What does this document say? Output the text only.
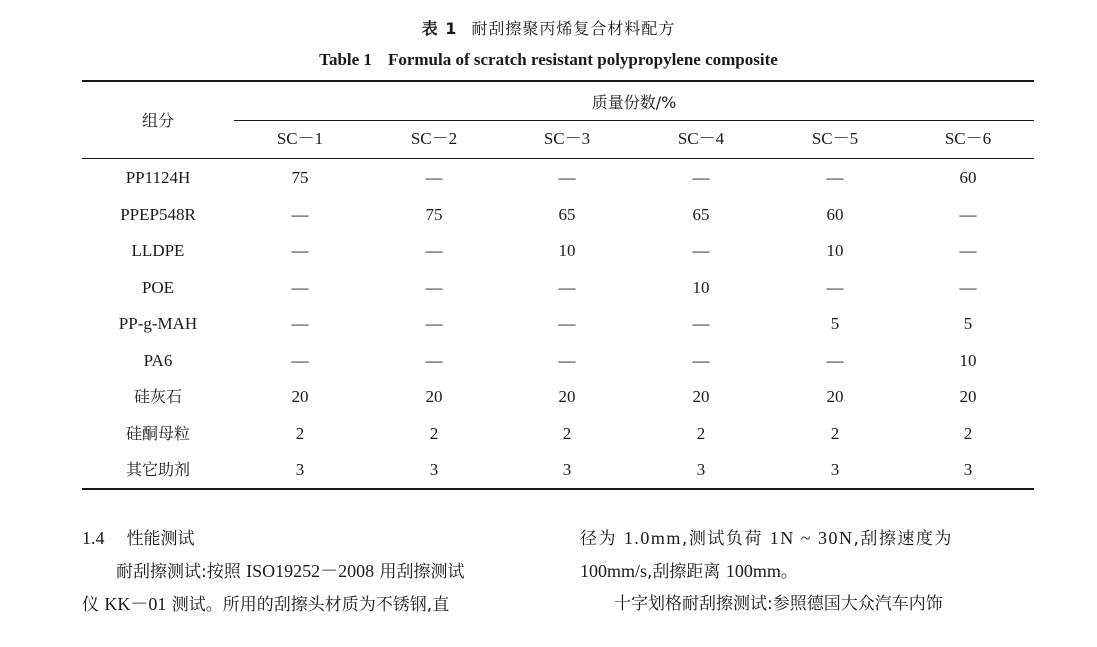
表 1 耐刮擦聚丙烯复合材料配方
Table 1 Formula of scratch resistant polypropylene composite
组分
质量份数/%
SC－1	SC－2	SC－3	SC－4	SC－5	SC－6
PP1124H	75	—	—	—	—	60
PPEP548R	—	75	65	65	60	—
LLDPE	—	—	10	—	10	—
POE	—	—	—	10	—	—
PP-g-MAH	—	—	—	—	5	5
PA6	—	—	—	—	—	10
硅灰石	20	20	20	20	20	20
硅酮母粒	2	2	2	2	2	2
其它助剂	3	3	3	3	3	3
1.4 性能测试
耐刮擦测试:按照 ISO19252－2008 用刮擦测试
仪 KK－01 测试。所用的刮擦头材质为不锈钢,直
径为 1.0mm,测试负荷 1N ~ 30N,刮擦速度为
100mm/s,刮擦距离 100mm。
十字划格耐刮擦测试:参照德国大众汽车内饰
